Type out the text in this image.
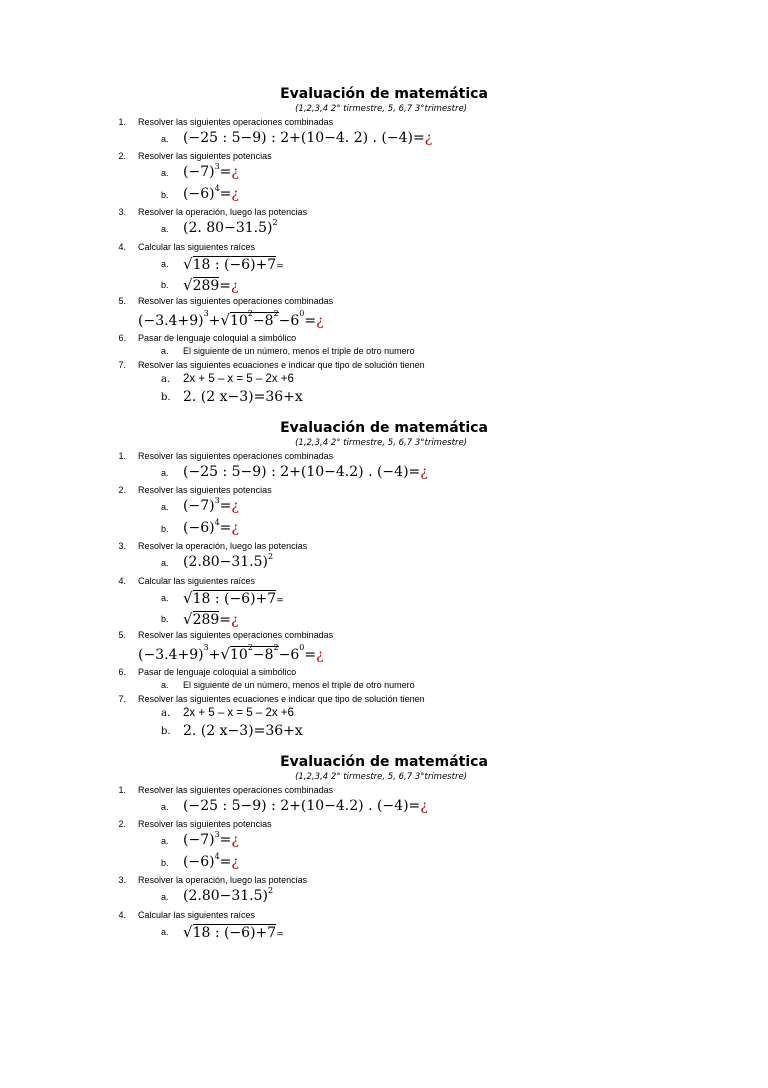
Evaluación de matemática
(1,2,3,4 2° tirmestre, 5, 6,7 3°trimestre)
1. Resolver las siguientes operaciones combinadas
a. (−25 : 5−9) : 2+(10−4. 2) . (−4)=¿
2. Resolver las siguientes potencias
a. $(-7)^3=¿$
b. $(-6)^4=¿$
3. Resolver la operación, luego las potencias
a. (2. 80−31.5)$^2$
4. Calcular las siguientes raíces
a. √18 : (−6)+7=
b. √289=¿
5. Resolver las siguientes operaciones combinadas
$(-3.4+9)^3+√10^2-8^2-6^0=¿$
6. Pasar de lenguaje coloquial a simbólico
a. El siguiente de un número, menos el triple de otro numero
7. Resolver las siguientes ecuaciones e indicar que tipo de solución tienen
a. 2x + 5 – x = 5 – 2x +6
b. 2. (2 x−3)=36+x
Evaluación de matemática
(1,2,3,4 2° tirmestre, 5, 6,7 3°trimestre)
1. Resolver las siguientes operaciones combinadas
a. (−25 : 5−9) : 2+(10−4.2) . (−4)=¿
2. Resolver las siguientes potencias
a. $(-7)^3=¿$
b. $(-6)^4=¿$
3. Resolver la operación, luego las potencias
a. $(2.80-31.5)^2$
4. Calcular las siguientes raíces
a. √18 : (−6)+7=
b. √289=¿
5. Resolver las siguientes operaciones combinadas
$(-3.4+9)^3+√10^2-8^2-6^0=¿$
6. Pasar de lenguaje coloquial a simbólico
a. El siguiente de un número, menos el triple de otro numero
7. Resolver las siguientes ecuaciones e indicar que tipo de solución tienen
a. 2x + 5 – x = 5 – 2x +6
b. 2. (2 x−3)=36+x
Evaluación de matemática
(1,2,3,4 2° tirmestre, 5, 6,7 3°trimestre)
1. Resolver las siguientes operaciones combinadas
a. (−25 : 5−9) : 2+(10−4.2) . (−4)=¿
2. Resolver las siguientes potencias
a. $(-7)^3=¿$
b. $(-6)^4=¿$
3. Resolver la operación, luego las potencias
a. $(2.80-31.5)^2$
4. Calcular las siguientes raíces
a. √18 : (−6)+7=
